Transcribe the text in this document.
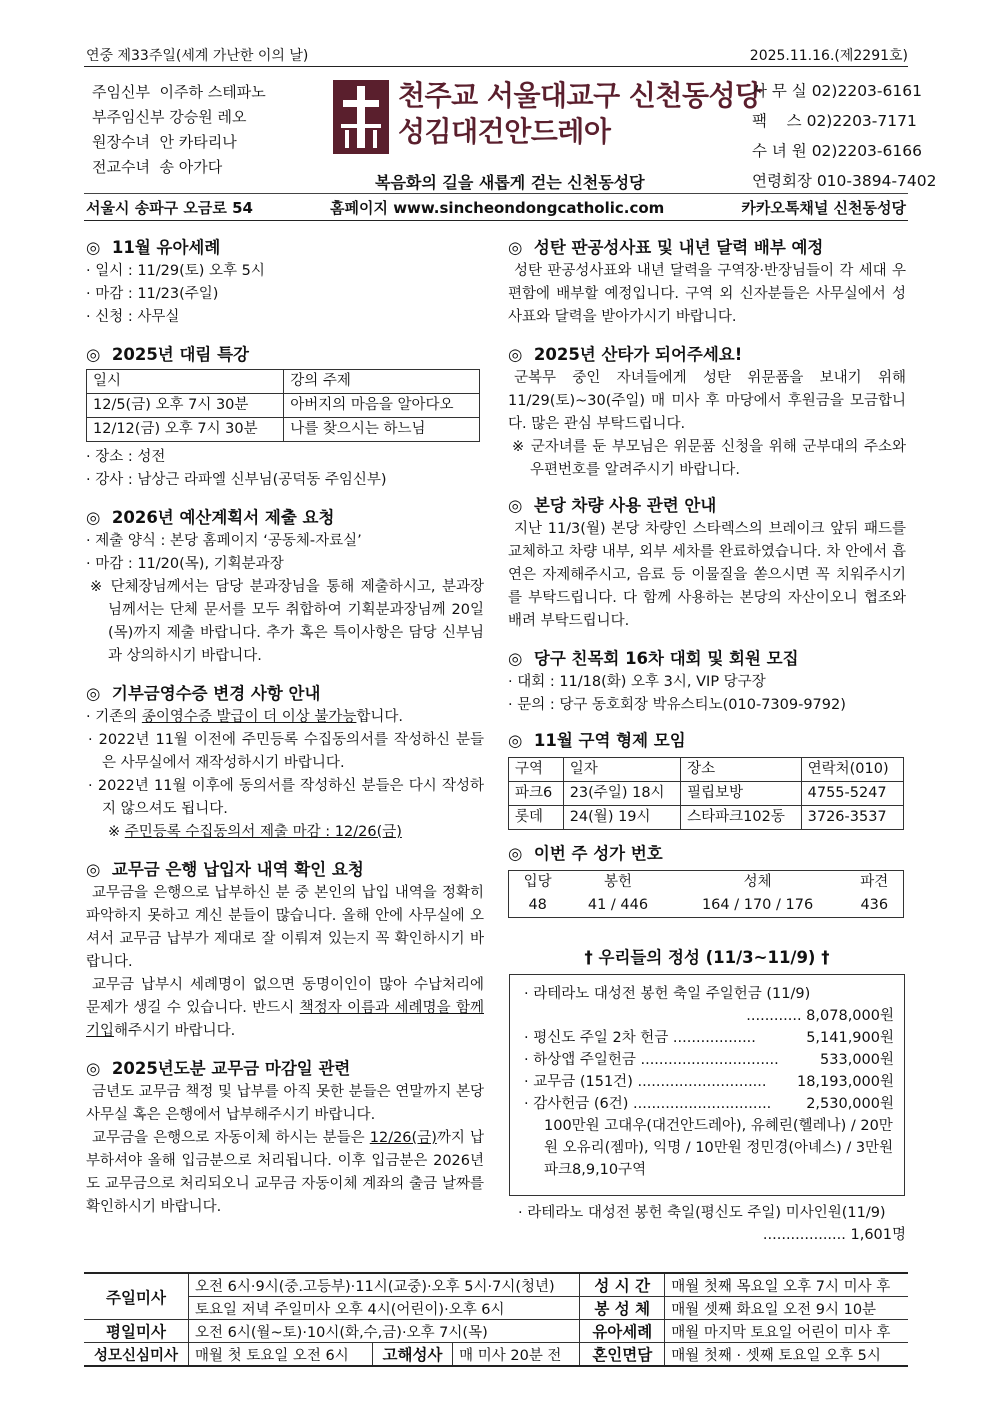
연중 제33주일(세계 가난한 이의 날)	2025.11.16.(제2291호)
주임신부  이주하 스테파노
부주임신부 강승원 레오
원장수녀  안 카타리나
전교수녀  송 아가다
천주교 서울대교구 신천동성당
성김대건안드레아
복음화의 길을 새롭게 걷는 신천동성당
사 무 실 02)2203-6161
팩    스 02)2203-7171
수 녀 원 02)2203-6166
연령회장 010-3894-7402
서울시 송파구 오금로 54	홈페이지 www.sincheondongcatholic.com	카카오톡채널 신천동성당
◎  11월 유아세례

· 일시 : 11/29(토) 오후 5시

· 마감 : 11/23(주일)

· 신청 : 사무실

◎  2025년 대림 특강
일시	강의 주제
12/5(금) 오후 7시 30분	아버지의 마음을 알아다오
12/12(금) 오후 7시 30분	나를 찾으시는 하느님

· 장소 : 성전

· 강사 : 남상근 라파엘 신부님(공덕동 주임신부)

◎  2026년 예산계획서 제출 요청

· 제출 양식 : 본당 홈페이지 ‘공동체-자료실’

· 마감 : 11/20(목), 기획분과장

※ 단체장님께서는 담당 분과장님을 통해 제출하시고, 분과장님께서는 단체 문서를 모두 취합하여 기획분과장님께 20일(목)까지 제출 바랍니다. 추가 혹은 특이사항은 담당 신부님과 상의하시기 바랍니다.

◎  기부금영수증 변경 사항 안내

· 기존의 종이영수증 발급이 더 이상 불가능합니다.

· 2022년 11월 이전에 주민등록 수집동의서를 작성하신 분들은 사무실에서 재작성하시기 바랍니다.

· 2022년 11월 이후에 동의서를 작성하신 분들은 다시 작성하지 않으셔도 됩니다.

※ 주민등록 수집동의서 제출 마감 : 12/26(금)

◎  교무금 은행 납입자 내역 확인 요청

교무금을 은행으로 납부하신 분 중 본인의 납입 내역을 정확히 파악하지 못하고 계신 분들이 많습니다. 올해 안에 사무실에 오셔서 교무금 납부가 제대로 잘 이뤄져 있는지 꼭 확인하시기 바랍니다.

교무금 납부시 세례명이 없으면 동명이인이 많아 수납처리에 문제가 생길 수 있습니다. 반드시 책정자 이름과 세례명을 함께 기입해주시기 바랍니다.

◎  2025년도분 교무금 마감일 관련

금년도 교무금 책정 및 납부를 아직 못한 분들은 연말까지 본당 사무실 혹은 은행에서 납부해주시기 바랍니다.

교무금을 은행으로 자동이체 하시는 분들은 12/26(금)까지 납부하셔야 올해 입금분으로 처리됩니다. 이후 입금분은 2026년도 교무금으로 처리되오니 교무금 자동이체 계좌의 출금 날짜를 확인하시기 바랍니다.

◎  성탄 판공성사표 및 내년 달력 배부 예정

성탄 판공성사표와 내년 달력을 구역장·반장님들이 각 세대 우편함에 배부할 예정입니다. 구역 외 신자분들은 사무실에서 성사표와 달력을 받아가시기 바랍니다.

◎  2025년 산타가 되어주세요!

군복무 중인 자녀들에게 성탄 위문품을 보내기 위해 11/29(토)~30(주일) 매 미사 후 마당에서 후원금을 모금합니다. 많은 관심 부탁드립니다.

※ 군자녀를 둔 부모님은 위문품 신청을 위해 군부대의 주소와 우편번호를 알려주시기 바랍니다.

◎  본당 차량 사용 관련 안내

지난 11/3(월) 본당 차량인 스타렉스의 브레이크 앞뒤 패드를 교체하고 차량 내부, 외부 세차를 완료하였습니다. 차 안에서 흡연은 자제해주시고, 음료 등 이물질을 쏟으시면 꼭 치워주시기를 부탁드립니다. 다 함께 사용하는 본당의 자산이오니 협조와 배려 부탁드립니다.

◎  당구 친목회 16차 대회 및 회원 모집

· 대회 : 11/18(화) 오후 3시, VIP 당구장

· 문의 : 당구 동호회장 박유스티노(010-7309-9792)

◎  11월 구역 형제 모임
구역	일자	장소	연락처(010)
파크6	23(주일) 18시	필립보방	4755-5247
롯데	24(월) 19시	스타파크102동	3726-3537
◎  이번 주 성가 번호
입당	봉헌	성체	파견
48	41 / 446	164 / 170 / 176	436
† 우리들의 정성 (11/3~11/9) †
· 라테라노 대성전 봉헌 축일 주일헌금 (11/9)
............ 8,078,000원
· 평신도 주일 2차 헌금 ..................	5,141,900원
· 하상앱 주일헌금 ..............................	533,000원
· 교무금 (151건) ............................ 18,193,000원
· 감사헌금 (6건) .............................. 2,530,000원
100만원 고대우(대건안드레아), 유혜린(헬레나) / 20만원 오유리(젬마), 익명 / 10만원 정민경(아녜스) / 3만원 파크8,9,10구역
· 라테라노 대성전 봉헌 축일(평신도 주일) 미사인원(11/9)
.................. 1,601명
주일미사	오전 6시·9시(중.고등부)·11시(교중)·오후 5시·7시(청년)			성 시 간	매월 첫째 목요일 오후 7시 미사 후
	토요일 저녁 주일미사 오후 4시(어린이)·오후 6시			봉 성 체	매월 셋째 화요일 오전 9시 10분
평일미사	오전 6시(월~토)·10시(화,수,금)·오후 7시(목)			유아세례	매월 마지막 토요일 어린이 미사 후
성모신심미사	매월 첫 토요일 오전 6시	고해성사	매 미사 20분 전	혼인면담	매월 첫째 · 셋째 토요일 오후 5시
